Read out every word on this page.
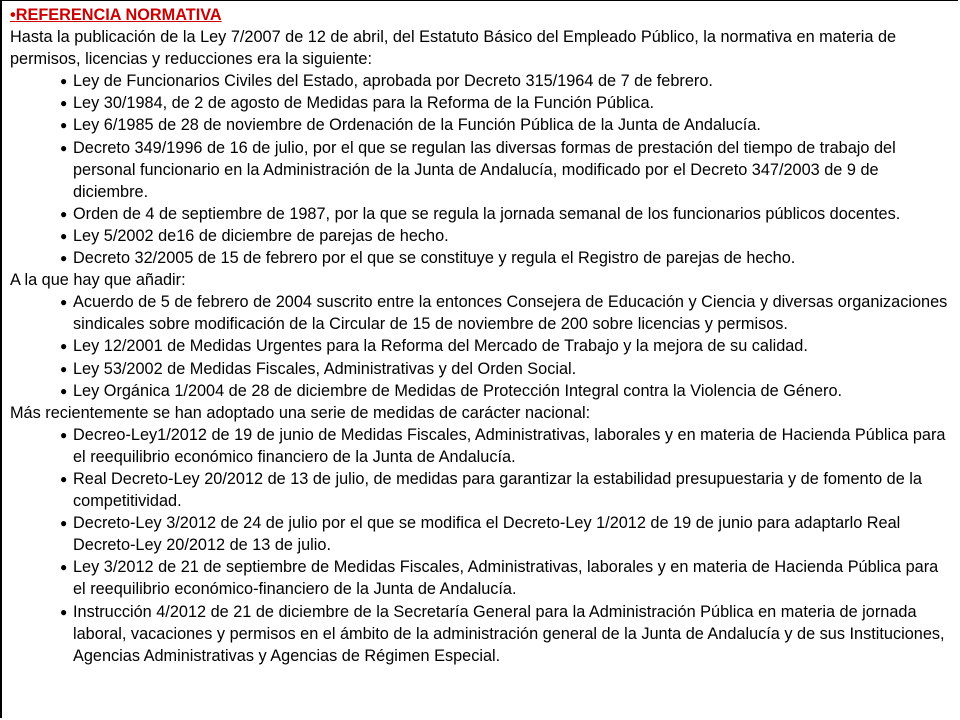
•REFERENCIA NORMATIVA

Hasta la publicación de la Ley 7/2007 de 12 de abril, del Estatuto Básico del Empleado Público, la normativa en materia de permisos, licencias y reducciones era la siguiente:

● Ley de Funcionarios Civiles del Estado, aprobada por Decreto 315/1964 de 7 de febrero.
● Ley 30/1984, de 2 de agosto de Medidas para la Reforma de la Función Pública.
● Ley 6/1985 de 28 de noviembre de Ordenación de la Función Pública de la Junta de Andalucía.
● Decreto 349/1996 de 16 de julio, por el que se regulan las diversas formas de prestación del tiempo de trabajo del personal funcionario en la Administración de la Junta de Andalucía, modificado por el Decreto 347/2003 de 9 de diciembre.
● Orden de 4 de septiembre de 1987, por la que se regula la jornada semanal de los funcionarios públicos docentes.
● Ley 5/2002 de16 de diciembre de parejas de hecho.
● Decreto 32/2005 de 15 de febrero por el que se constituye y regula el Registro de parejas de hecho.

A la que hay que añadir:

● Acuerdo de 5 de febrero de 2004 suscrito entre la entonces Consejera de Educación y Ciencia y diversas organizaciones sindicales sobre modificación de la Circular de 15 de noviembre de 200 sobre licencias y permisos.
● Ley 12/2001 de Medidas Urgentes para la Reforma del Mercado de Trabajo y la mejora de su calidad.
● Ley 53/2002 de Medidas Fiscales, Administrativas y del Orden Social.
● Ley Orgánica 1/2004 de 28 de diciembre de Medidas de Protección Integral contra la Violencia de Género.

Más recientemente se han adoptado una serie de medidas de carácter nacional:

● Decreo-Ley1/2012 de 19 de junio de Medidas Fiscales, Administrativas, laborales y en materia de Hacienda Pública para el reequilibrio económico financiero de la Junta de Andalucía.
● Real Decreto-Ley 20/2012 de 13 de julio, de medidas para garantizar la estabilidad presupuestaria y de fomento de la competitividad.
● Decreto-Ley 3/2012 de 24 de julio por el que se modifica el Decreto-Ley 1/2012 de 19 de junio para adaptarlo Real Decreto-Ley 20/2012 de 13 de julio.
● Ley 3/2012 de 21 de septiembre de Medidas Fiscales, Administrativas, laborales y en materia de Hacienda Pública para el reequilibrio económico-financiero de la Junta de Andalucía.
● Instrucción 4/2012 de 21 de diciembre de la Secretaría General para la Administración Pública en materia de jornada laboral, vacaciones y permisos en el ámbito de la administración general de la Junta de Andalucía y de sus Instituciones, Agencias Administrativas y Agencias de Régimen Especial.
